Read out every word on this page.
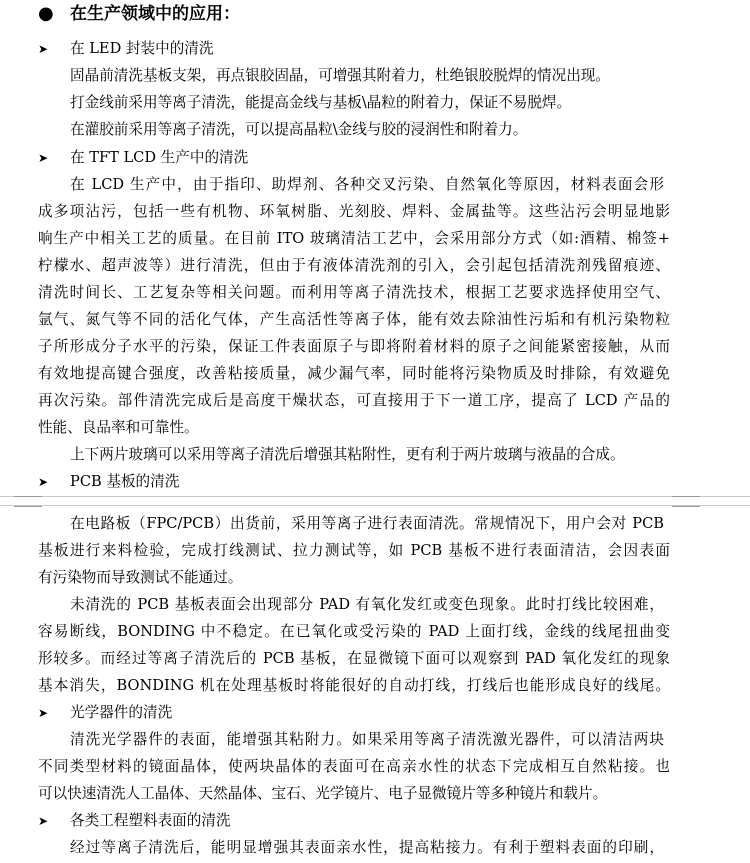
● 在生产领域中的应用：
➤ 在 LED 封装中的清洗
固晶前清洗基板支架，再点银胶固晶，可增强其附着力，杜绝银胶脱焊的情况出现。
打金线前采用等离子清洗，能提高金线与基板\晶粒的附着力，保证不易脱焊。
在灌胶前采用等离子清洗，可以提高晶粒\金线与胶的浸润性和附着力。
➤ 在 TFT LCD 生产中的清洗
在 LCD 生产中，由于指印、助焊剂、各种交叉污染、自然氧化等原因，材料表面会形
成多项沾污，包括一些有机物、环氧树脂、光刻胶、焊料、金属盐等。这些沾污会明显地影
响生产中相关工艺的质量。在目前 ITO 玻璃清洁工艺中，会采用部分方式（如:酒精、棉签+
柠檬水、超声波等）进行清洗，但由于有液体清洗剂的引入，会引起包括清洗剂残留痕迹、
清洗时间长、工艺复杂等相关问题。而利用等离子清洗技术，根据工艺要求选择使用空气、
氩气、氮气等不同的活化气体，产生高活性等离子体，能有效去除油性污垢和有机污染物粒
子所形成分子水平的污染，保证工件表面原子与即将附着材料的原子之间能紧密接触，从而
有效地提高键合强度，改善粘接质量，减少漏气率，同时能将污染物质及时排除，有效避免
再次污染。部件清洗完成后是高度干燥状态，可直接用于下一道工序，提高了 LCD 产品的
性能、良品率和可靠性。
上下两片玻璃可以采用等离子清洗后增强其粘附性，更有利于两片玻璃与液晶的合成。
➤ PCB 基板的清洗
在电路板（FPC/PCB）出货前，采用等离子进行表面清洗。常规情况下，用户会对 PCB
基板进行来料检验，完成打线测试、拉力测试等，如 PCB 基板不进行表面清洁，会因表面
有污染物而导致测试不能通过。
未清洗的 PCB 基板表面会出现部分 PAD 有氧化发红或变色现象。此时打线比较困难，
容易断线，BONDING 中不稳定。在已氧化或受污染的 PAD 上面打线，金线的线尾扭曲变
形较多。而经过等离子清洗后的 PCB 基板，在显微镜下面可以观察到 PAD 氧化发红的现象
基本消失，BONDING 机在处理基板时将能很好的自动打线，打线后也能形成良好的线尾。
➤ 光学器件的清洗
清洗光学器件的表面，能增强其粘附力。如果采用等离子清洗激光器件，可以清洁两块
不同类型材料的镜面晶体，使两块晶体的表面可在高亲水性的状态下完成相互自然粘接。也
可以快速清洗人工晶体、天然晶体、宝石、光学镜片、电子显微镜片等多种镜片和载片。
➤ 各类工程塑料表面的清洗
经过等离子清洗后，能明显增强其表面亲水性，提高粘接力。有利于塑料表面的印刷，
